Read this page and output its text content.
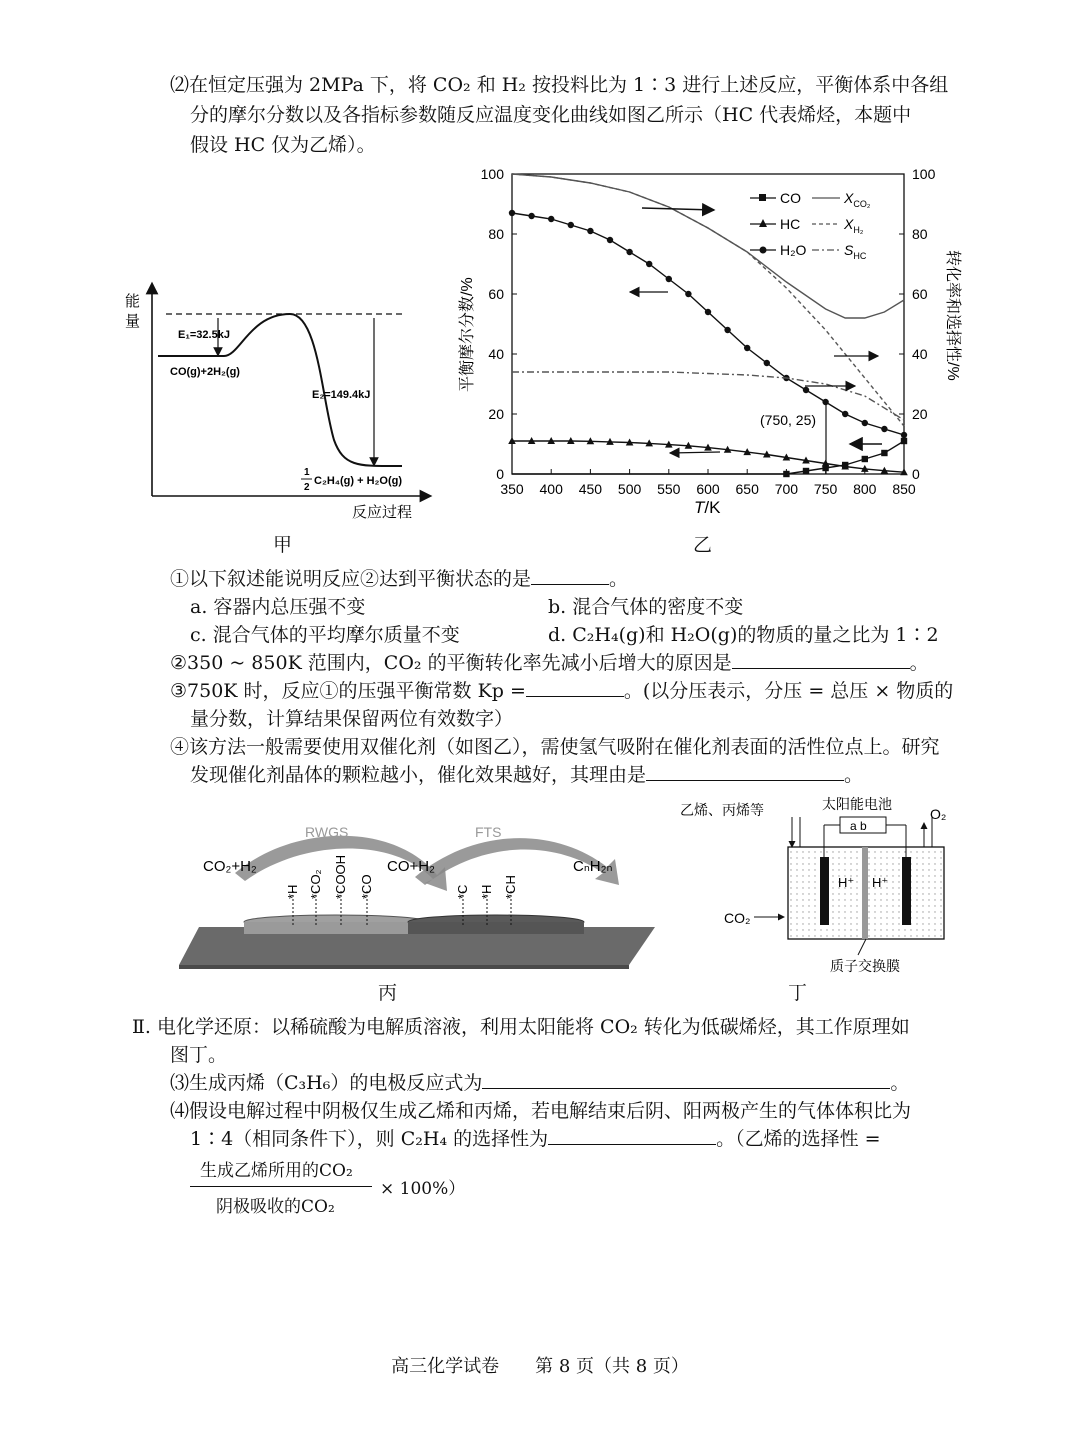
⑵在恒定压强为 2MPa 下，将 CO₂ 和 H₂ 按投料比为 1∶3 进行上述反应，平衡体系中各组
分的摩尔分数以及各指标参数随反应温度变化曲线如图乙所示（HC 代表烯烃，本题中
假设 HC 仅为乙烯）。
能
量
反应过程
E₁=32.5kJ
E₂=149.4kJ
CO(g)+2H₂(g)
1
2
C₂H₄(g) + H₂O(g)
甲
350 400 450 500 550 600 650 700 750 800 850
0
20
40
60
80
100
0
20
40
60
80
100
CO	$X_{CO_2}$
HC	$X_{H_2}$
H₂O	$S_{HC}$
(750, 25)
T/K
平衡摩尔分数/%	转化率和选择性/%
乙
①以下叙述能说明反应②达到平衡状态的是	。
a. 容器内总压强不变	b. 混合气体的密度不变
c. 混合气体的平均摩尔质量不变	d. C₂H₄(g)和 H₂O(g)的物质的量之比为 1∶2
②350 ~ 850K 范围内，CO₂ 的平衡转化率先减小后增大的原因是	。
③750K 时，反应①的压强平衡常数 Kp =	。(以分压表示，分压 = 总压 × 物质的
量分数，计算结果保留两位有效数字）
④该方法一般需要使用双催化剂（如图乙），需使氢气吸附在催化剂表面的活性位点上。研究
发现催化剂晶体的颗粒越小，催化效果越好，其理由是	。
RWGS	FTS
CO₂+H₂	CO+H₂	CₙH₂ₙ
*H *CO₂ *COOH *CO	*C *H *CH
丙
乙烯、丙烯等	太阳能电池
a b
O₂
H⁺ H⁺
CO₂
质子交换膜
丁
Ⅱ. 电化学还原：以稀硫酸为电解质溶液，利用太阳能将 CO₂ 转化为低碳烯烃，其工作原理如
图丁。
⑶生成丙烯（C₃H₆）的电极反应式为	。
⑷假设电解过程中阴极仅生成乙烯和丙烯，若电解结束后阴、阳两极产生的气体体积比为
1∶4（相同条件下），则 C₂H₄ 的选择性为	。（乙烯的选择性 =
生成乙烯所用的CO₂
阴极吸收的CO₂
× 100%）
高三化学试卷　　第 8 页（共 8 页）
